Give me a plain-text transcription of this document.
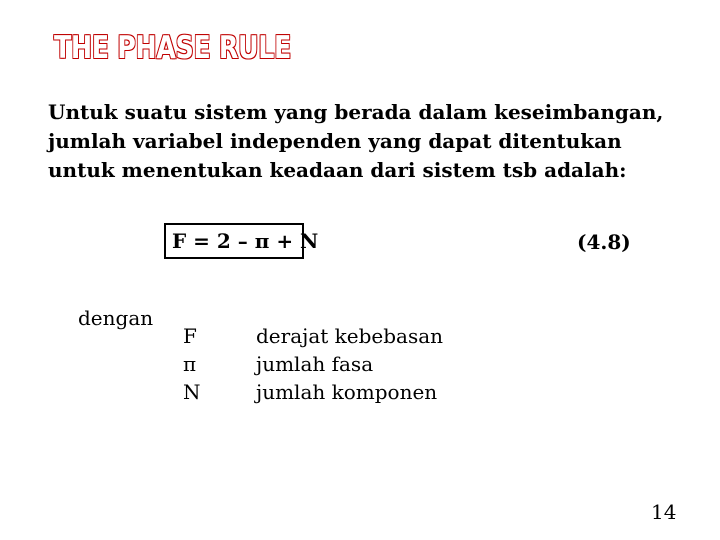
THE PHASE RULE
Untuk suatu sistem yang berada dalam keseimbangan,
jumlah variabel independen yang dapat ditentukan
untuk menentukan keadaan dari sistem tsb adalah:
F = 2 – π + N	(4.8)
dengan
F
π
N
derajat kebebasan
jumlah fasa
jumlah komponen
14
